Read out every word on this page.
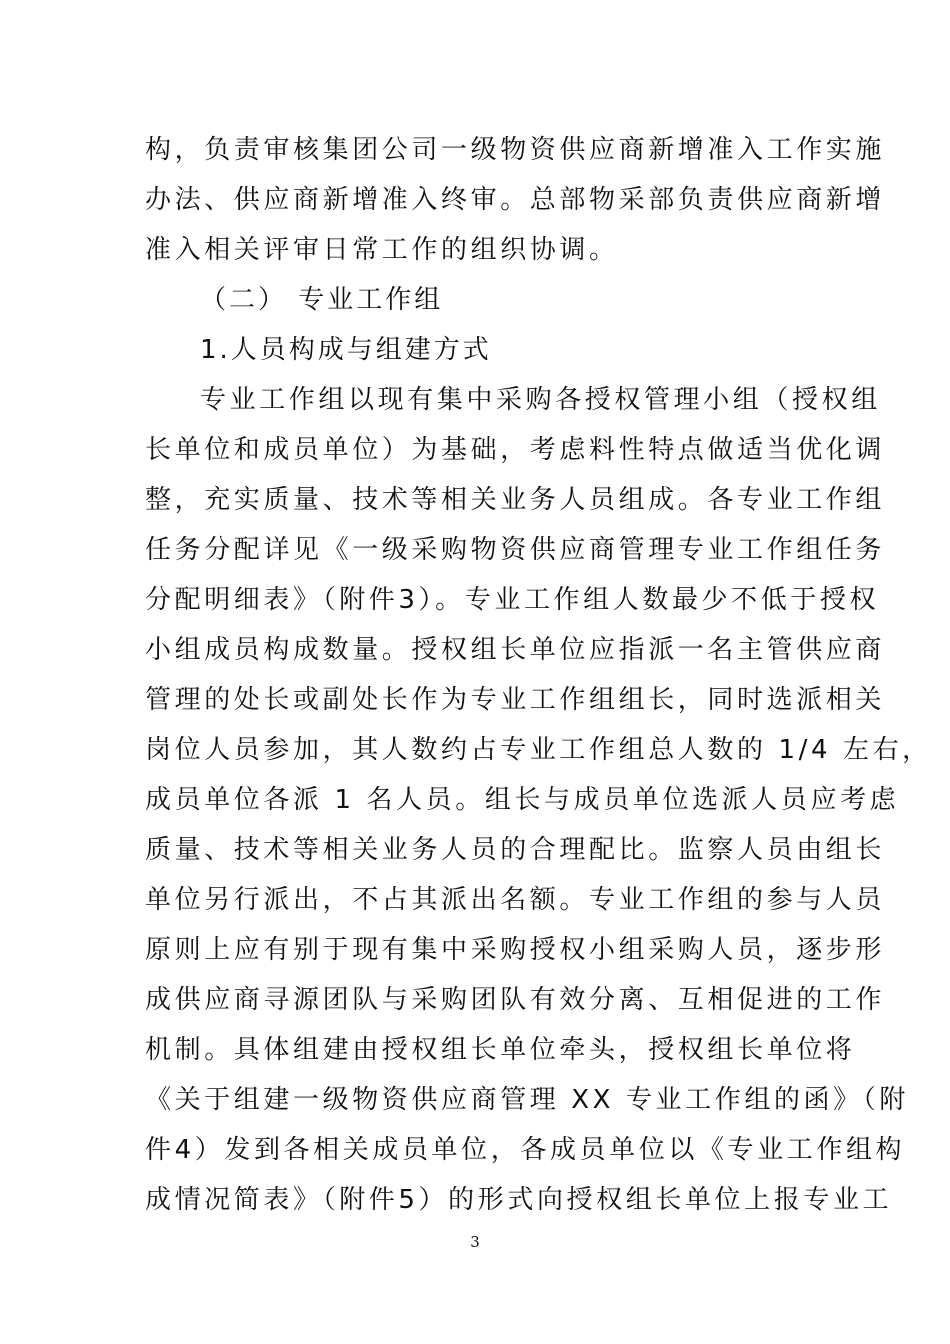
构，负责审核集团公司一级物资供应商新增准入工作实施
办法、供应商新增准入终审。总部物采部负责供应商新增
准入相关评审日常工作的组织协调。
（二） 专业工作组
1.人员构成与组建方式
专业工作组以现有集中采购各授权管理小组（授权组
长单位和成员单位）为基础，考虑料性特点做适当优化调
整，充实质量、技术等相关业务人员组成。各专业工作组
任务分配详见《一级采购物资供应商管理专业工作组任务
分配明细表》（附件3）。专业工作组人数最少不低于授权
小组成员构成数量。授权组长单位应指派一名主管供应商
管理的处长或副处长作为专业工作组组长，同时选派相关
岗位人员参加，其人数约占专业工作组总人数的 1/4 左右，
成员单位各派 1 名人员。组长与成员单位选派人员应考虑
质量、技术等相关业务人员的合理配比。监察人员由组长
单位另行派出，不占其派出名额。专业工作组的参与人员
原则上应有别于现有集中采购授权小组采购人员，逐步形
成供应商寻源团队与采购团队有效分离、互相促进的工作
机制。具体组建由授权组长单位牵头，授权组长单位将
《关于组建一级物资供应商管理 XX 专业工作组的函》（附
件4）发到各相关成员单位，各成员单位以《专业工作组构
成情况简表》（附件5）的形式向授权组长单位上报专业工
3
